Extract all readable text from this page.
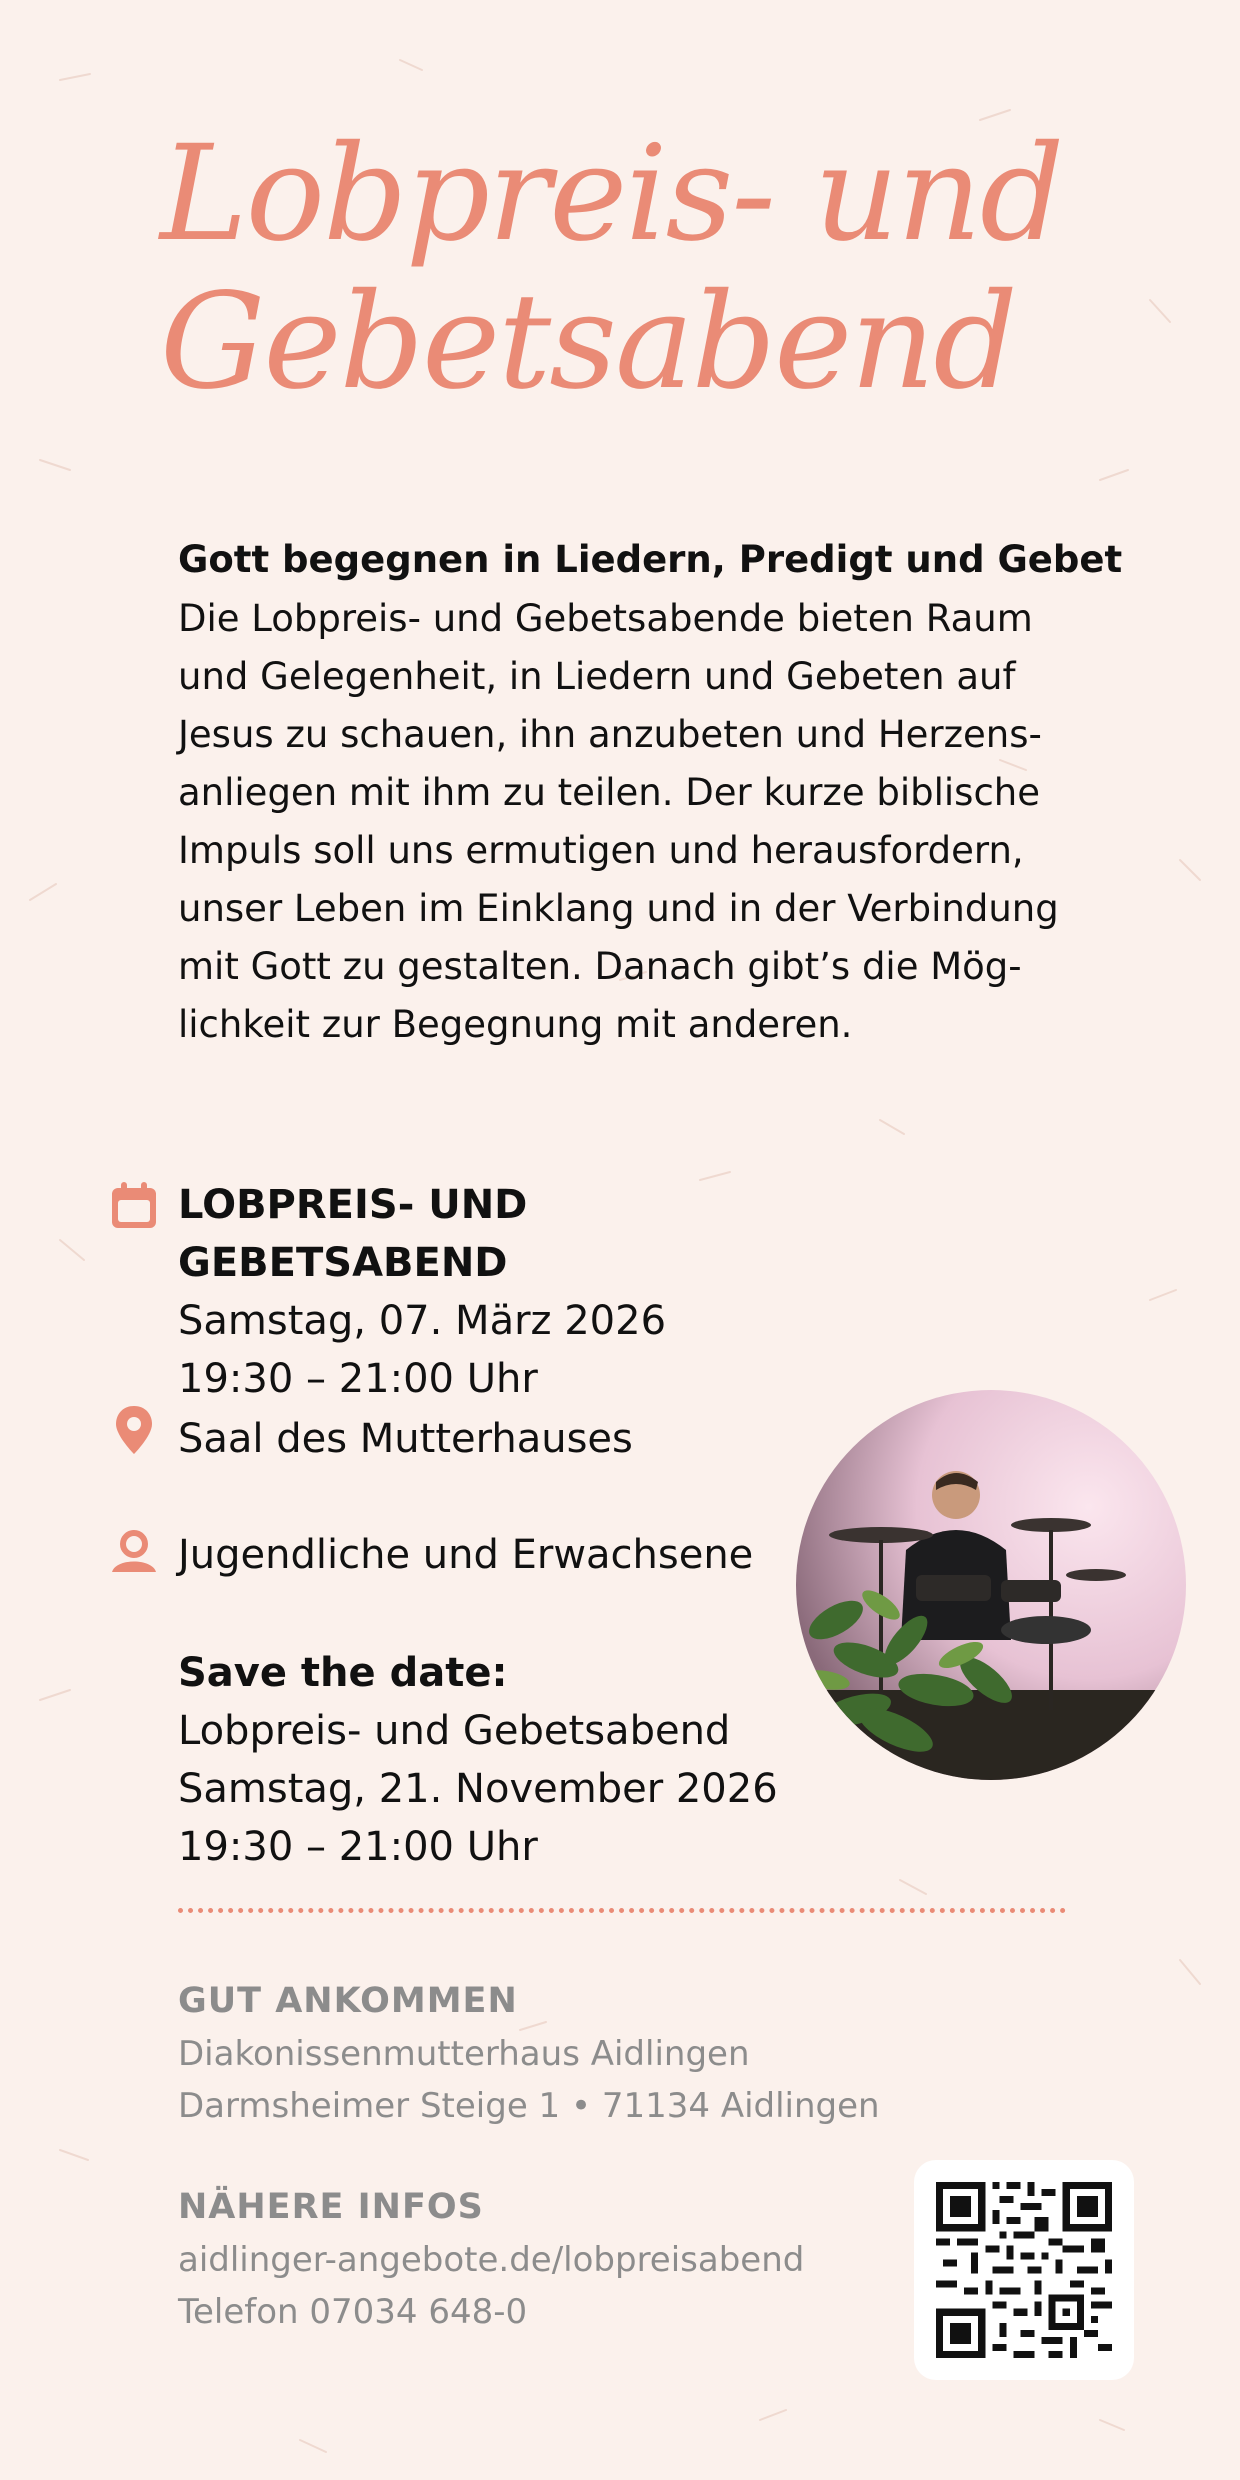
Lobpreis- und
Gebetsabend

Gott begegnen in Liedern, Predigt und Gebet

Die Lobpreis- und Gebetsabende bieten Raum
und Gelegenheit, in Liedern und Gebeten auf
Jesus zu schauen, ihn anzubeten und Herzens-
anliegen mit ihm zu teilen. Der kurze biblische
Impuls soll uns ermutigen und herausfordern,
unser Leben im Einklang und in der Verbindung
mit Gott zu gestalten. Danach gibt’s die Mög-
lichkeit zur Begegnung mit anderen.
LOBPREIS- UND GEBETSABEND
Samstag, 07. März 2026
19:30 – 21:00 Uhr
Saal des Mutterhauses
Jugendliche und Erwachsene
Save the date:
Lobpreis- und Gebetsabend
Samstag, 21. November 2026
19:30 – 21:00 Uhr
GUT ANKOMMEN
Diakonissenmutterhaus Aidlingen
Darmsheimer Steige 1 • 71134 Aidlingen
NÄHERE INFOS
aidlinger-angebote.de/lobpreisabend
Telefon 07034 648-0
